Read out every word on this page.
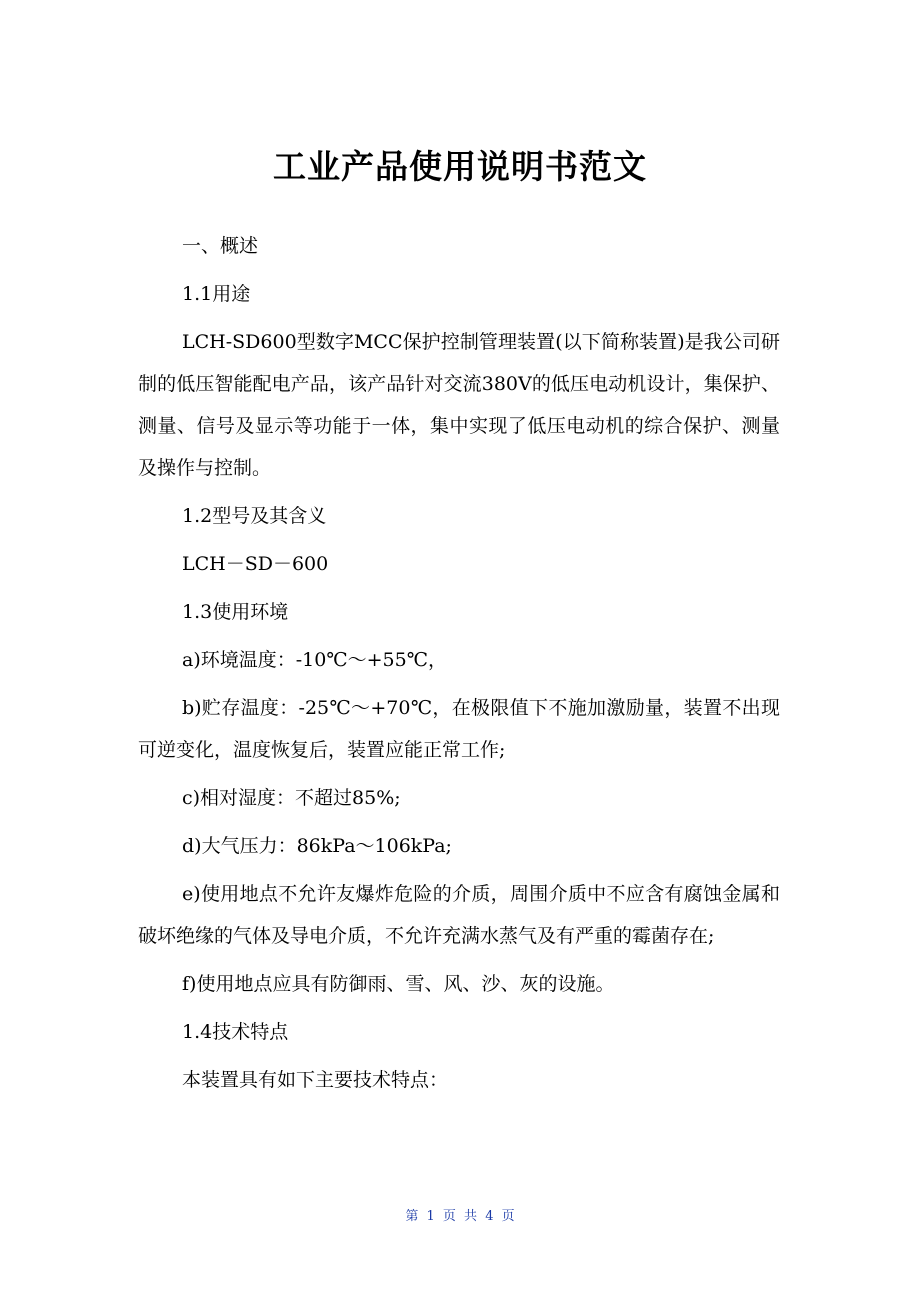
工业产品使用说明书范文

一、概述

1.1用途

LCH-SD600型数字MCC保护控制管理装置(以下简称装置)是我公司研制的低压智能配电产品，该产品针对交流380V的低压电动机设计，集保护、测量、信号及显示等功能于一体，集中实现了低压电动机的综合保护、测量及操作与控制。

1.2型号及其含义

LCH－SD－600

1.3使用环境

a)环境温度：-10℃～+55℃，

b)贮存温度：-25℃～+70℃，在极限值下不施加激励量，装置不出现可逆变化，温度恢复后，装置应能正常工作;

c)相对湿度：不超过85%;

d)大气压力：86kPa～106kPa;

e)使用地点不允许友爆炸危险的介质，周围介质中不应含有腐蚀金属和破坏绝缘的气体及导电介质，不允许充满水蒸气及有严重的霉菌存在;

f)使用地点应具有防御雨、雪、风、沙、灰的设施。

1.4技术特点

本装置具有如下主要技术特点：

第 1 页 共 4 页
